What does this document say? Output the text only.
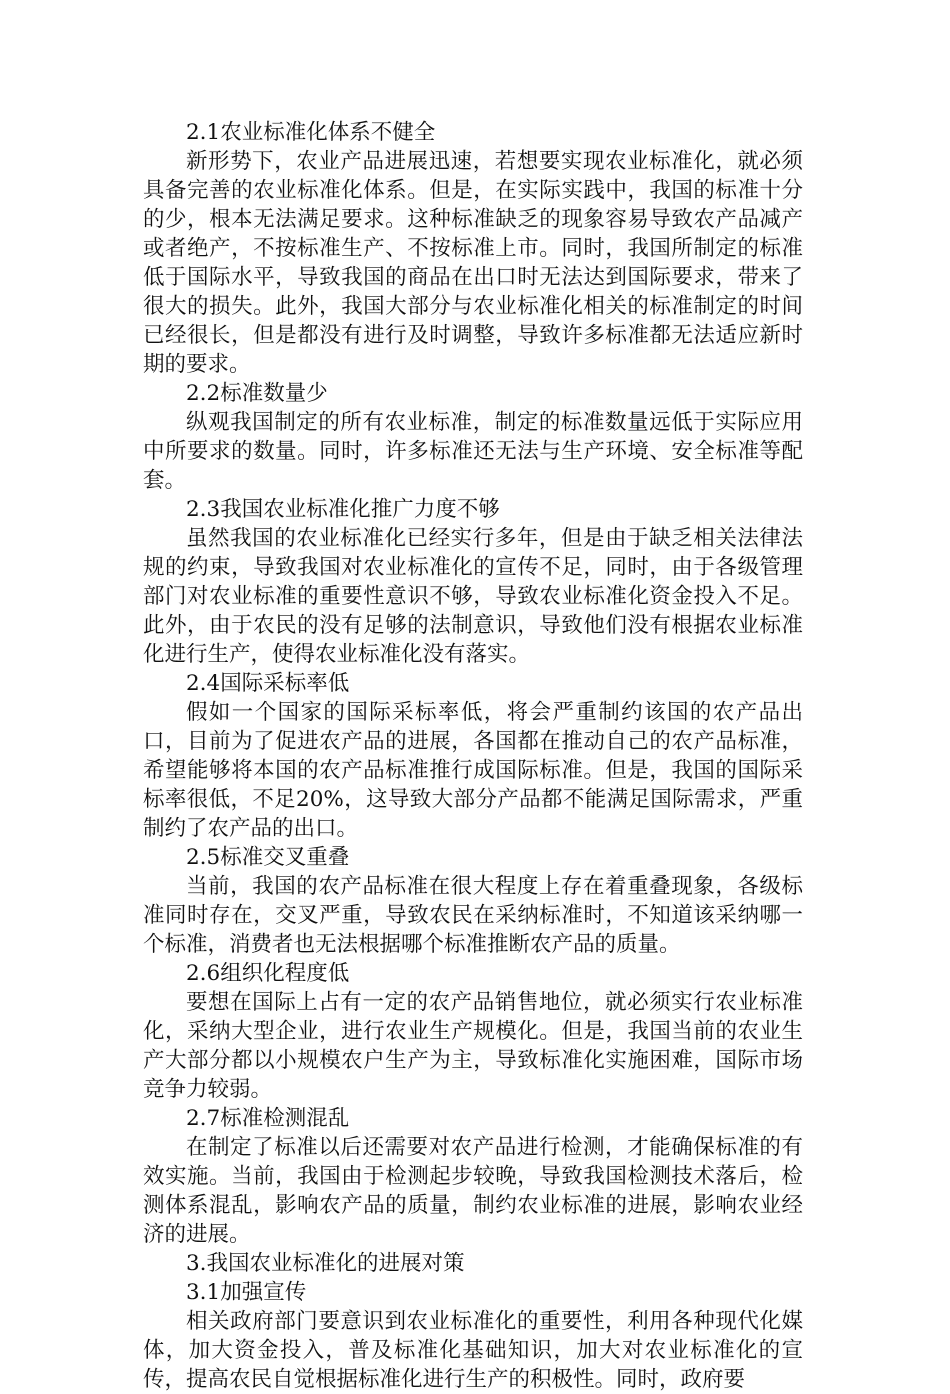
2.1农业标准化体系不健全

新形势下，农业产品进展迅速，若想要实现农业标准化，就必须具备完善的农业标准化体系。但是，在实际实践中，我国的标准十分的少，根本无法满足要求。这种标准缺乏的现象容易导致农产品减产或者绝产，不按标准生产、不按标准上市。同时，我国所制定的标准低于国际水平，导致我国的商品在出口时无法达到国际要求，带来了很大的损失。此外，我国大部分与农业标准化相关的标准制定的时间已经很长，但是都没有进行及时调整，导致许多标准都无法适应新时期的要求。

2.2标准数量少

纵观我国制定的所有农业标准，制定的标准数量远低于实际应用中所要求的数量。同时，许多标准还无法与生产环境、安全标准等配套。

2.3我国农业标准化推广力度不够

虽然我国的农业标准化已经实行多年，但是由于缺乏相关法律法规的约束，导致我国对农业标准化的宣传不足，同时，由于各级管理部门对农业标准的重要性意识不够，导致农业标准化资金投入不足。此外，由于农民的没有足够的法制意识，导致他们没有根据农业标准化进行生产，使得农业标准化没有落实。

2.4国际采标率低

假如一个国家的国际采标率低，将会严重制约该国的农产品出口，目前为了促进农产品的进展，各国都在推动自己的农产品标准，希望能够将本国的农产品标准推行成国际标准。但是，我国的国际采标率很低，不足20%，这导致大部分产品都不能满足国际需求，严重制约了农产品的出口。

2.5标准交叉重叠

当前，我国的农产品标准在很大程度上存在着重叠现象，各级标准同时存在，交叉严重，导致农民在采纳标准时，不知道该采纳哪一个标准，消费者也无法根据哪个标准推断农产品的质量。

2.6组织化程度低

要想在国际上占有一定的农产品销售地位，就必须实行农业标准化，采纳大型企业，进行农业生产规模化。但是，我国当前的农业生产大部分都以小规模农户生产为主，导致标准化实施困难，国际市场竞争力较弱。

2.7标准检测混乱

在制定了标准以后还需要对农产品进行检测，才能确保标准的有效实施。当前，我国由于检测起步较晚，导致我国检测技术落后，检测体系混乱，影响农产品的质量，制约农业标准的进展，影响农业经济的进展。

3.我国农业标准化的进展对策

3.1加强宣传

相关政府部门要意识到农业标准化的重要性，利用各种现代化媒体，加大资金投入，普及标准化基础知识，加大对农业标准化的宣传，提高农民自觉根据标准化进行生产的积极性。同时，政府要
